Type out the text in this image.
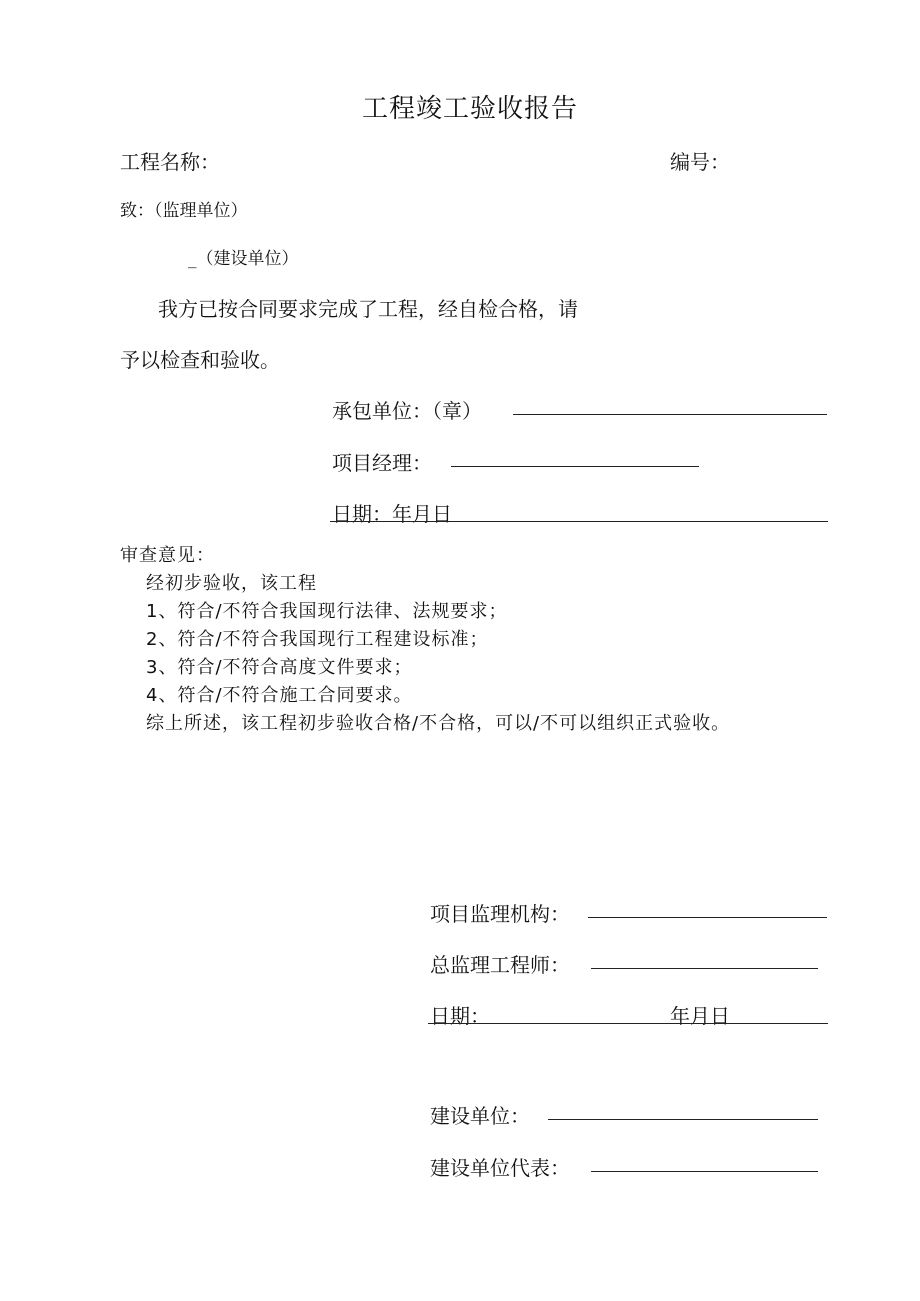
工程竣工验收报告
工程名称：	编号：
致：（监理单位）
_（建设单位）
我方已按合同要求完成了工程，经自检合格，请
予以检查和验收。
承包单位：（章）
项目经理：
日期：年月日
审查意见：
经初步验收，该工程
1、符合/不符合我国现行法律、法规要求；
2、符合/不符合我国现行工程建设标准；
3、符合/不符合高度文件要求；
4、符合/不符合施工合同要求。
综上所述，该工程初步验收合格/不合格，可以/不可以组织正式验收。
项目监理机构：
总监理工程师：
日期：	年月日
建设单位：
建设单位代表：
